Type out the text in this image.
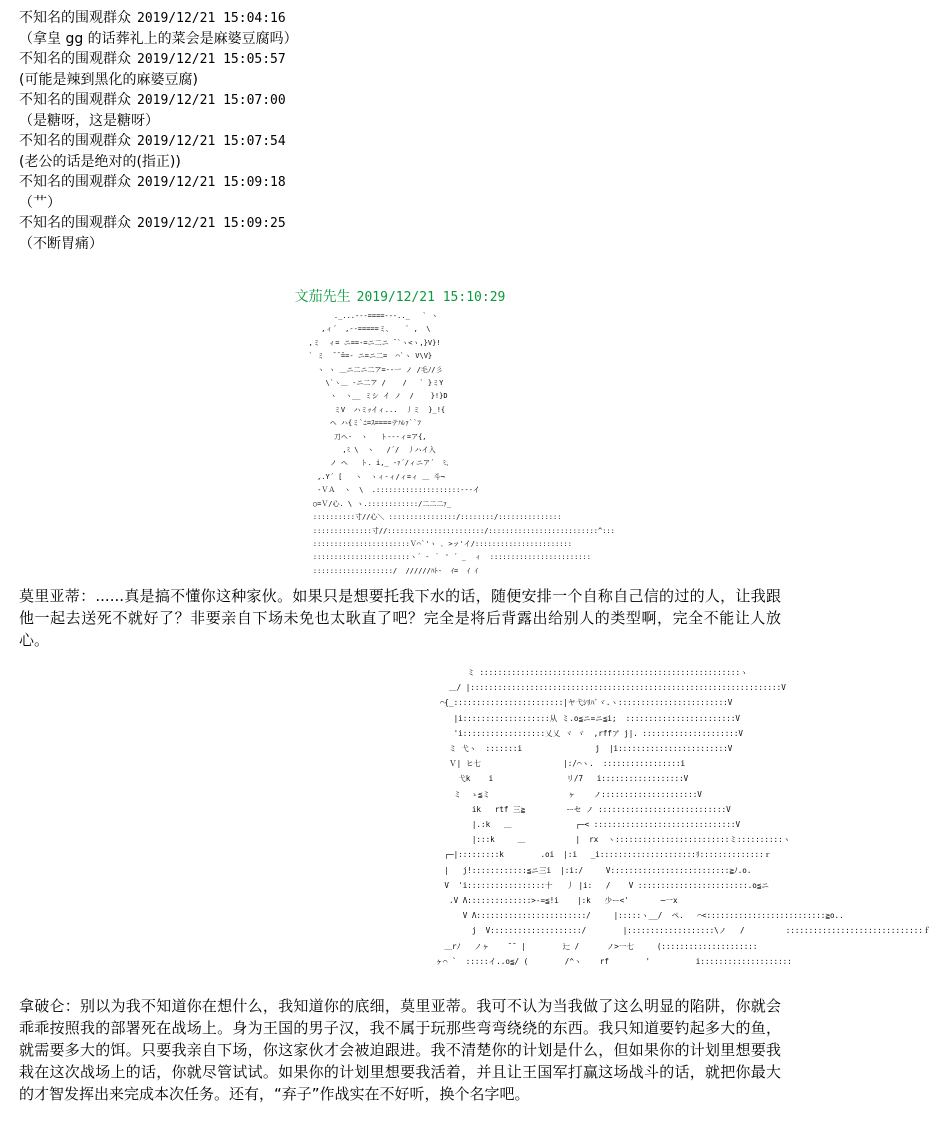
不知名的围观群众 2019/12/21 15:04:16
（拿皇 gg 的话葬礼上的菜会是麻婆豆腐吗）
不知名的围观群众 2019/12/21 15:05:57
(可能是辣到黑化的麻婆豆腐)
不知名的围观群众 2019/12/21 15:07:00
（是糖呀，这是糖呀）
不知名的围观群众 2019/12/21 15:07:54
(老公的话是绝对的(指正))
不知名的围观群众 2019/12/21 15:09:18
（艹）
不知名的围观群众 2019/12/21 15:09:25
（不断胃痛）
文茄先生 2019/12/21 15:10:29
._...---====---.._   ` ヽ
,ィ´  ,-‐=====ミ、   ` ,  \
,ミ  ィ= ニ==‐=ニ二ニ ̄ `ヽ<ヽ,}V}!
` ミ  ̄ ̄ ̄==‐ ニ=ニ二=  ⌒`ヽ V\V}
ヽ ヽ ＿ニ二ニ二ア=-‐一 ノ /毛ﾉ/彡
\`ヽ＿ -ニ二ア /    /   ` }ミY
ヽ  ヽ__ ミシ イ ノ  /    }!}D
ミV  ハミｯイィ...  丿ミ  }_!{
ヘ ハ{ミ`ﾆ=ｽ====テﾊﾚｧ``ﾌ
刀ヘ-  ヽ   ト-‐-ィ=ア{,
,ﾐ \  ヽ   /´/  丿ハイ入
ノ ヘ   ト. i,_ ‐ｧ´/ィニア´  ﾐ、
,.Y´ [   ヽ  ヽィ-ィ/ィ=ィ ＿ 斗¬
-ＶＡ  ヽ  \  .::::::::::::::::::::---イ
○=Ｖ/心. \ ヽ.::::::::::::/二二二ｧ_
::::::::::寸//心＼ ::::::::::::::::/::::::::/:::::::::::::::
::::::::::::::寸//:::::::::::::::::::::::/::::::::::::::::::::::::::^:::
:::::::::::::::::::::::Ｖ⌒`'ヽ ､ >ァ'イ/:::::::::::::::::::::::
:::::::::::::::::::::::ヽ´ ‐ ｀ ' ´ _  ィ  ::::::::::::::::::::::::
:::::::::::::::::::/  //////ﾊﾄ-  ｲ=  ｲ ｲ

莫里亚蒂：......真是搞不懂你这种家伙。如果只是想要托我下水的话，随便安排一个自称自己信的过的人，让我跟他一起去送死不就好了？非要亲自下场未免也太耿直了吧？完全是将后背露出给别人的类型啊，完全不能让人放心。

ミ :::::::::::::::::::::::::::::::::::::::::::::::::::::::::ヽ
＿/ |::::::::::::::::::::::::::::::::::::::::::::::::::::::::::::::::::::V
⌒{_::::::::::::::::::::::::|ヤ弋ｼﾘﾊﾞヾ.ヽ::::::::::::::::::::::::V
|i:::::::::::::::::::从 ミ.o≦ニ=ニ≦i;  ::::::::::::::::::::::::V
'i::::::::::::::::::乂乂 ヾ ヾ  ,rffア j|. :::::::::::::::::::::V
ミ 弋ヽ  :::::::i                j  |i::::::::::::::::::::::::V
Ｖ| ヒ七                  |:/⌒ヽ.  :::::::::::::::::i
弋k    i                リ/7   i::::::::::::::::::V
ミ  ゝ≦ミ                 ヶ    ノ:::::::::::::::::::::V
ik   rtf 三≧         ーセ ノ ::::::::::::::::::::::::::::V
|.:k   ＿              ┌─< :::::::::::::::::::::::::::::::V
|:::k     ＿           |  rx  ヽ:::::::::::::::::::::::::ミ::::::::::ヽ
┌─|:::::::::k        .oi  |:i   _i:::::::::::::::::::::ﾘ::::::::::::::ｒ
|   j!::::::::::::≦ニ三i  |:i:/     V::::::::::::::::::::::::::≧ﾉ.o.
V  'i:::::::::::::::::十   丿 |i:   /    V ::::::::::::::::::::::::.o≦ニ
.V Λ::::::::::::::>-=≦!i    |:k   少ー<'       ─一x
V Λ::::::::::::::::::::::::/     |:::::ヽ__/  ペ.   ⌒<::::::::::::::::::::::::::≧o..
j  V::::::::::::::::::::/        |:::::::::::::::::::\ノ   /         ::::::::::::::::::::::::::::::ｆ
＿rﾉ   ノヶ    ̄ ̄  |        辷 /      ノ>一七     (:::::::::::::::::::::
ヶ⌒ `  :::::イ..o≦/ (        /^ヽ    rf        '          i::::::::::::::::::::

拿破仑：别以为我不知道你在想什么，我知道你的底细，莫里亚蒂。我可不认为当我做了这么明显的陷阱，你就会乖乖按照我的部署死在战场上。身为王国的男子汉，我不属于玩那些弯弯绕绕的东西。我只知道要钓起多大的鱼，就需要多大的饵。只要我亲自下场，你这家伙才会被迫跟进。我不清楚你的计划是什么，但如果你的计划里想要我栽在这次战场上的话，你就尽管试试。如果你的计划里想要我活着，并且让王国军打赢这场战斗的话，就把你最大的才智发挥出来完成本次任务。还有，“弃子”作战实在不好听，换个名字吧。
